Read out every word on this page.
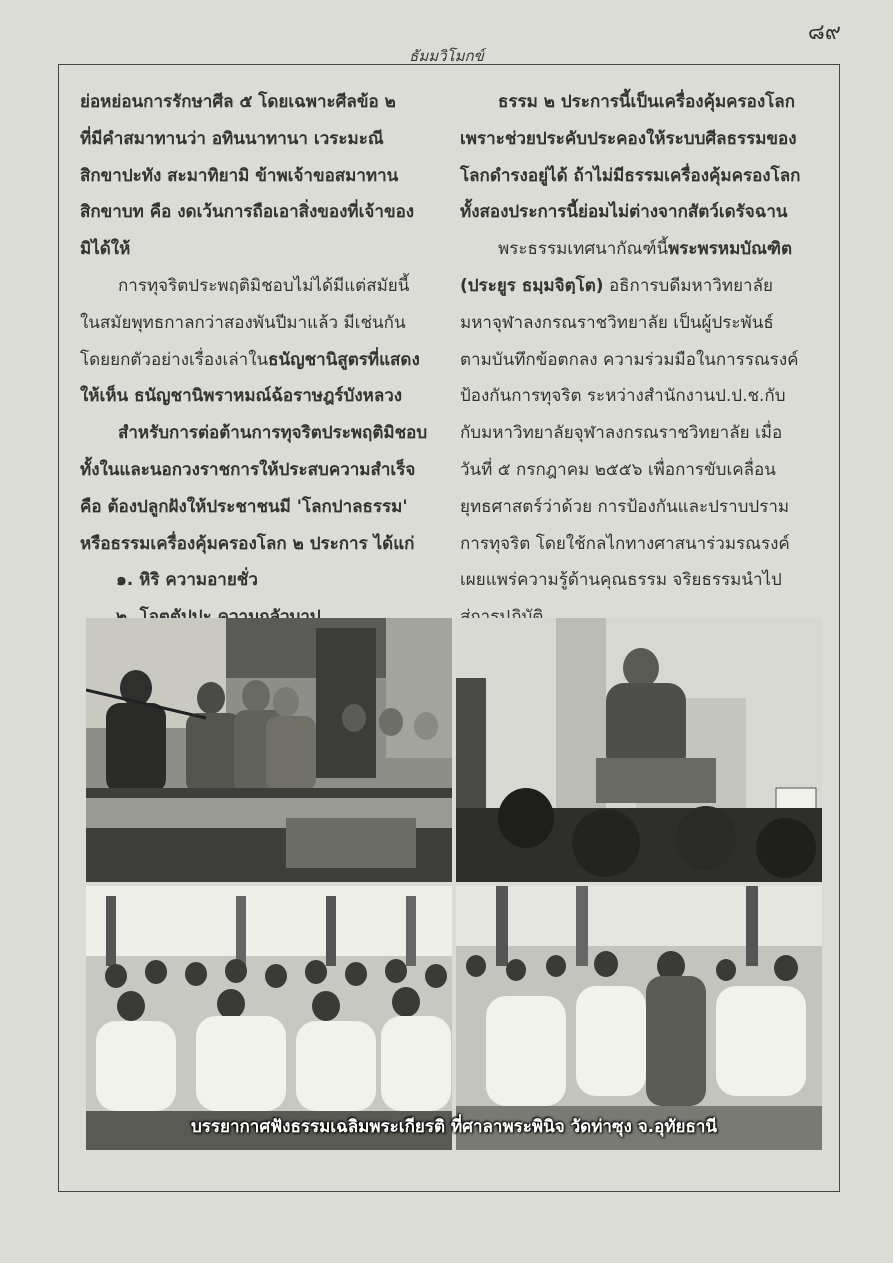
๘๙
ธัมมวิโมกข์

ย่อหย่อนการรักษาศีล ๕ โดยเฉพาะศีลข้อ ๒

ที่มีคำสมาทานว่า อทินนาทานา เวระมะณี

สิกขาปะทัง สะมาทิยามิ ข้าพเจ้าขอสมาทาน

สิกขาบท คือ งดเว้นการถือเอาสิ่งของที่เจ้าของ

มิได้ให้

การทุจริตประพฤติมิชอบไม่ได้มีแต่สมัยนี้

ในสมัยพุทธกาลกว่าสองพันปีมาแล้ว มีเช่นกัน

โดยยกตัวอย่างเรื่องเล่าในธนัญชานิสูตรที่แสดง

ให้เห็น ธนัญชานิพราหมณ์ฉ้อราษฎร์บังหลวง

สำหรับการต่อต้านการทุจริตประพฤติมิชอบ

ทั้งในและนอกวงราชการให้ประสบความสำเร็จ

คือ ต้องปลูกฝังให้ประชาชนมี 'โลกปาลธรรม'

หรือธรรมเครื่องคุ้มครองโลก ๒ ประการ ได้แก่

๑. หิริ ความอายชั่ว

ธรรม ๒ ประการนี้เป็นเครื่องคุ้มครองโลก

เพราะช่วยประคับประคองให้ระบบศีลธรรมของ

โลกดำรงอยู่ได้ ถ้าไม่มีธรรมเครื่องคุ้มครองโลก

ทั้งสองประการนี้ย่อมไม่ต่างจากสัตว์เดรัจฉาน

พระธรรมเทศนากัณฑ์นี้พระพรหมบัณฑิต

(ประยูร ธมฺมจิตฺโต) อธิการบดีมหาวิทยาลัย

มหาจุฬาลงกรณราชวิทยาลัย เป็นผู้ประพันธ์

ตามบันทึกข้อตกลง ความร่วมมือในการรณรงค์

ป้องกันการทุจริต ระหว่างสำนักงานป.ป.ช.กับ

กับมหาวิทยาลัยจุฬาลงกรณราชวิทยาลัย เมื่อ

วันที่ ๕ กรกฎาคม ๒๕๕๖ เพื่อการขับเคลื่อน

ยุทธศาสตร์ว่าด้วย การป้องกันและปราบปราม

การทุจริต โดยใช้กลไกทางศาสนาร่วมรณรงค์

เผยแพร่ความรู้ด้านคุณธรรม จริยธรรมนำไป

บรรยากาศฟังธรรมเฉลิมพระเกียรติ ที่ศาลาพระพินิจ วัดท่าซุง จ.อุทัยธานี
